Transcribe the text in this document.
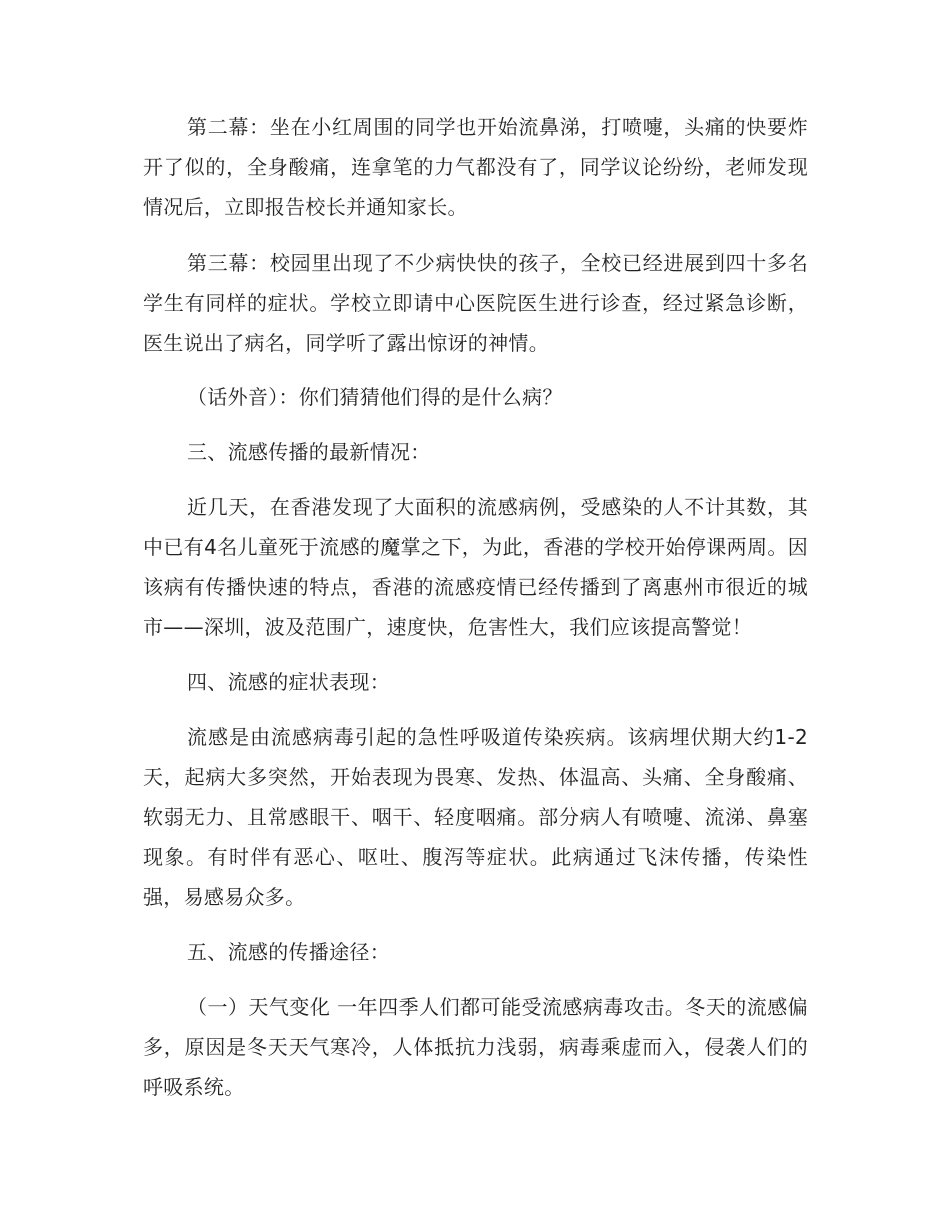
第二幕：坐在小红周围的同学也开始流鼻涕，打喷嚏，头痛的快要炸开了似的，全身酸痛，连拿笔的力气都没有了，同学议论纷纷，老师发现情况后，立即报告校长并通知家长。

第三幕：校园里出现了不少病快快的孩子，全校已经进展到四十多名学生有同样的症状。学校立即请中心医院医生进行诊查，经过紧急诊断，医生说出了病名，同学听了露出惊讶的神情。

（话外音）：你们猜猜他们得的是什么病？

三、流感传播的最新情况：

近几天，在香港发现了大面积的流感病例，受感染的人不计其数，其中已有4名儿童死于流感的魔掌之下，为此，香港的学校开始停课两周。因该病有传播快速的特点，香港的流感疫情已经传播到了离惠州市很近的城市——深圳，波及范围广，速度快，危害性大，我们应该提高警觉！

四、流感的症状表现：

流感是由流感病毒引起的急性呼吸道传染疾病。该病埋伏期大约1-2天，起病大多突然，开始表现为畏寒、发热、体温高、头痛、全身酸痛、软弱无力、且常感眼干、咽干、轻度咽痛。部分病人有喷嚏、流涕、鼻塞现象。有时伴有恶心、呕吐、腹泻等症状。此病通过飞沫传播，传染性强，易感易众多。

五、流感的传播途径：

（一）天气变化 一年四季人们都可能受流感病毒攻击。冬天的流感偏多，原因是冬天天气寒冷，人体抵抗力浅弱，病毒乘虚而入，侵袭人们的呼吸系统。
